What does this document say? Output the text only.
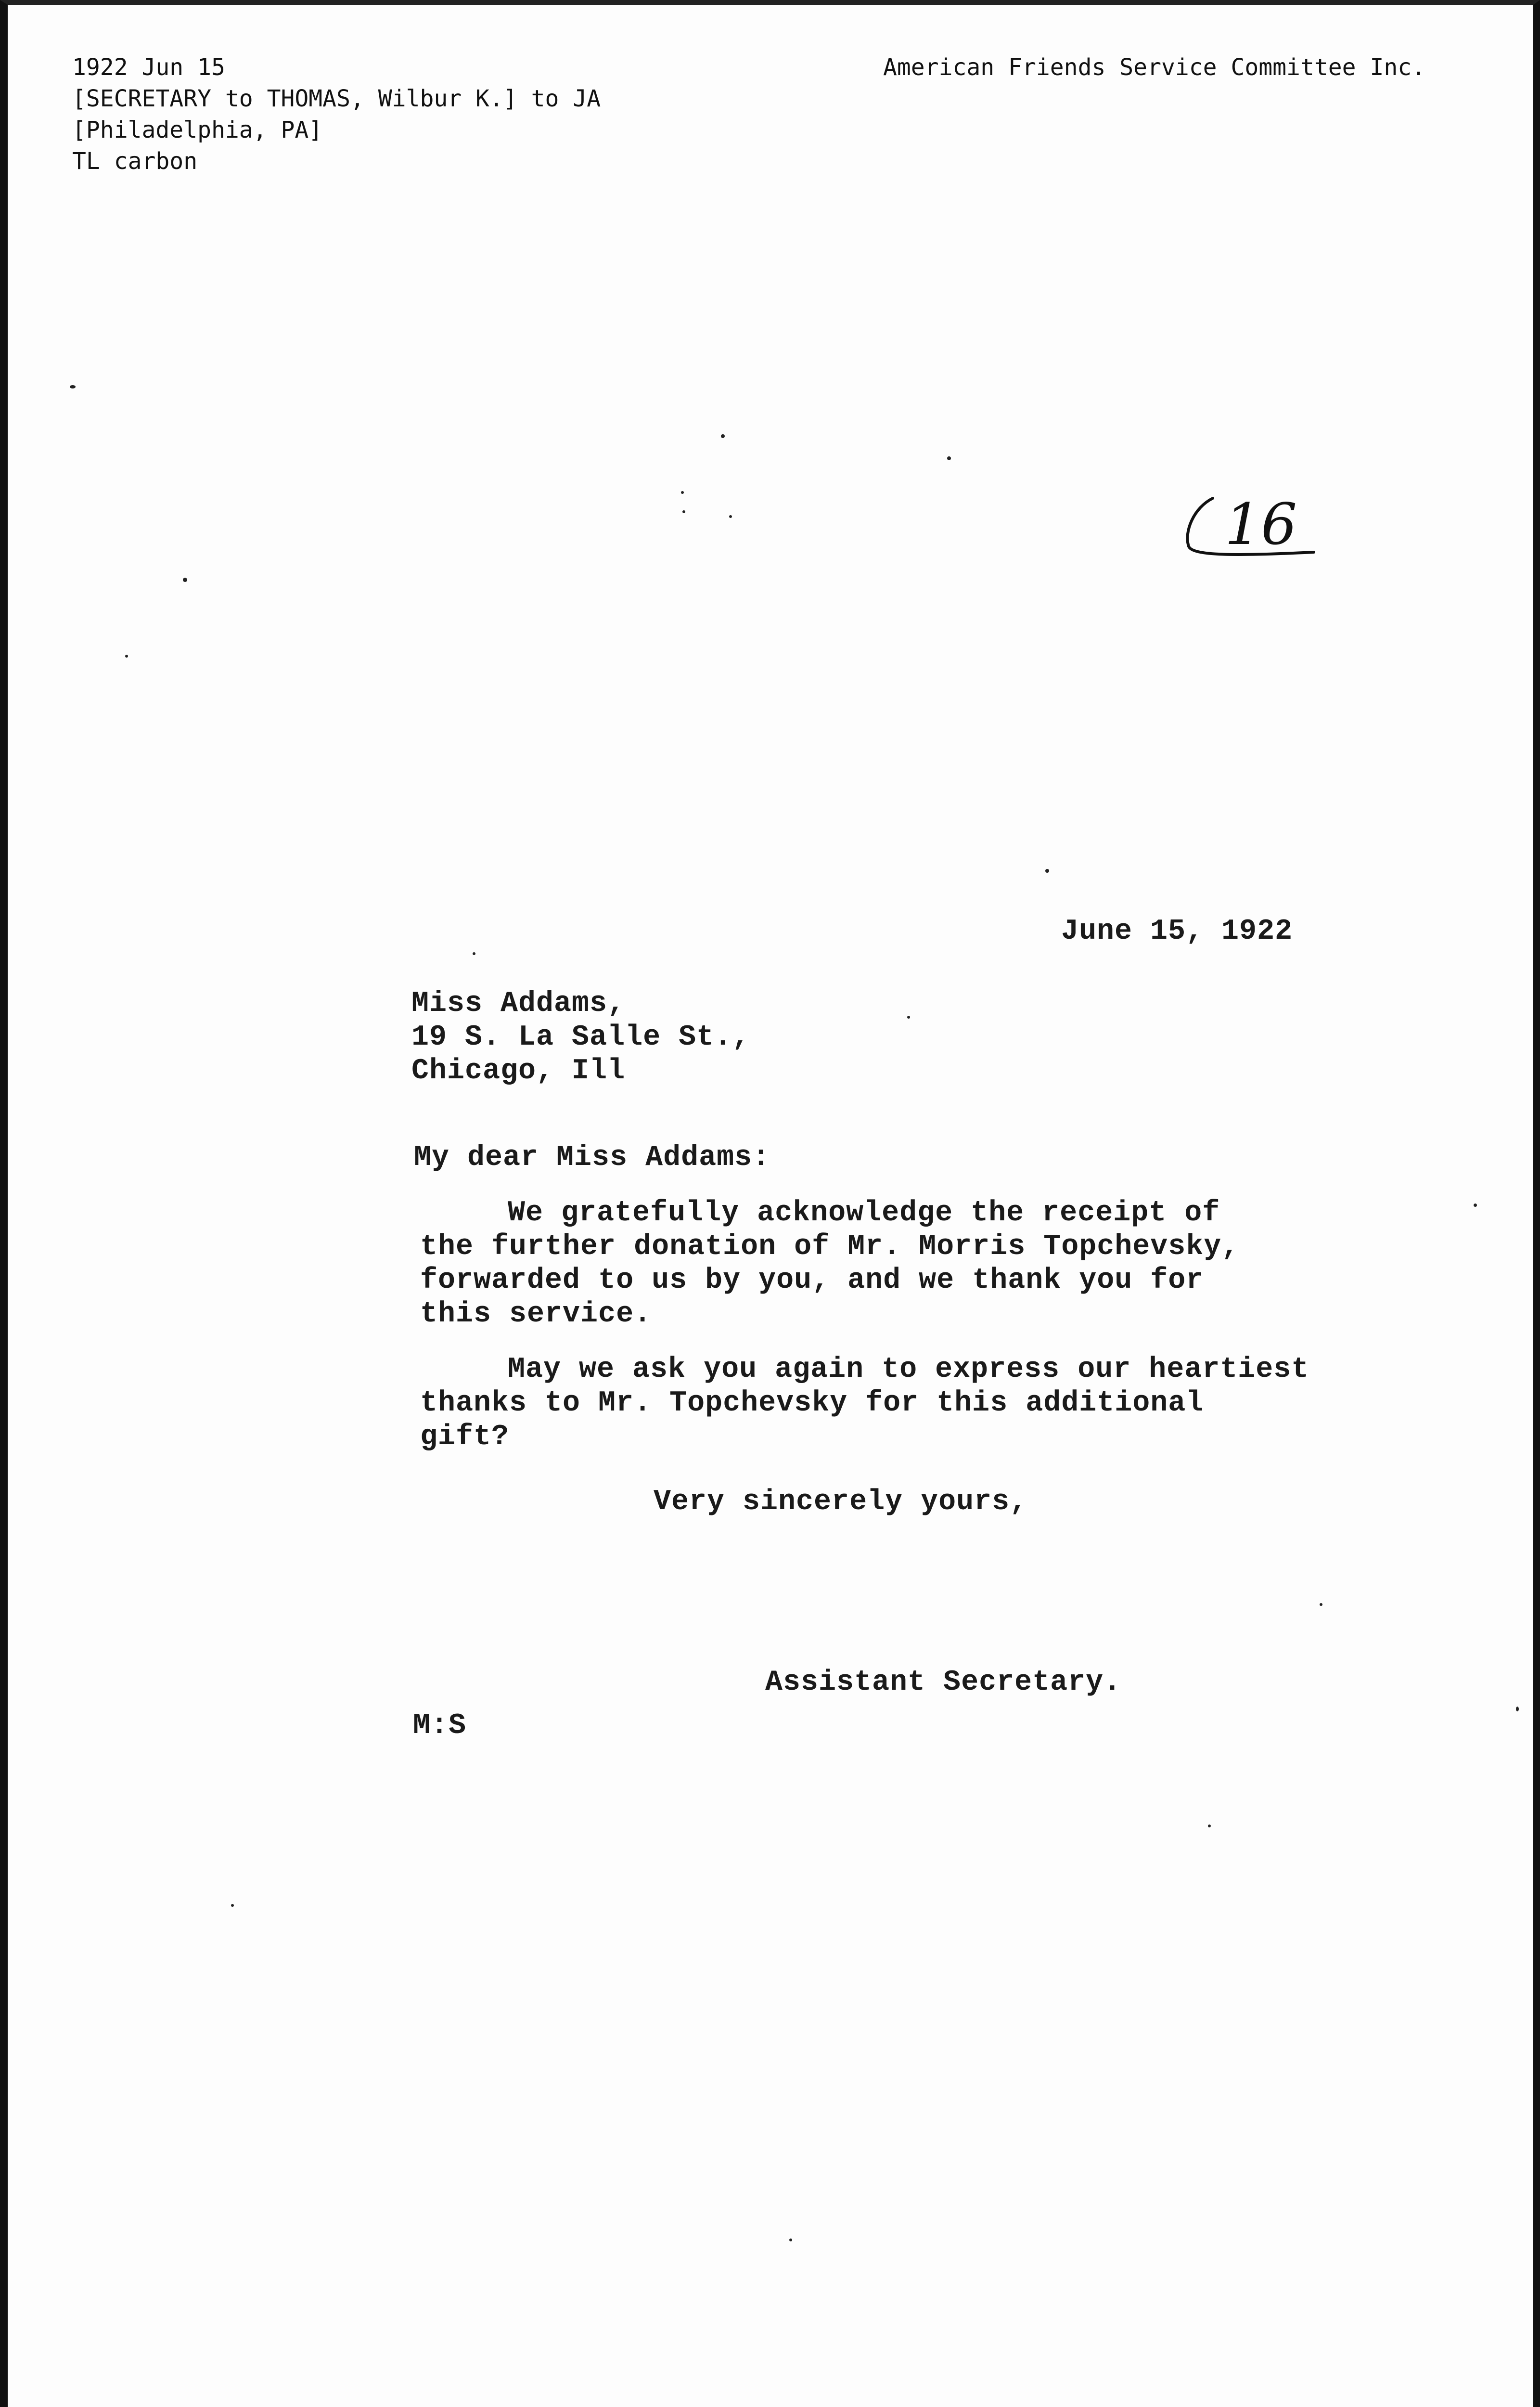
1922 Jun 15
[SECRETARY to THOMAS, Wilbur K.] to JA
[Philadelphia, PA]
TL carbon
American Friends Service Committee Inc.
16
June 15, 1922
Miss Addams,
19 S. La Salle St.,
Chicago, Ill
My dear Miss Addams:
We gratefully acknowledge the receipt of
the further donation of Mr. Morris Topchevsky,
forwarded to us by you, and we thank you for
this service.
May we ask you again to express our heartiest
thanks to Mr. Topchevsky for this additional
gift?
Very sincerely yours,
Assistant Secretary.
M:S
